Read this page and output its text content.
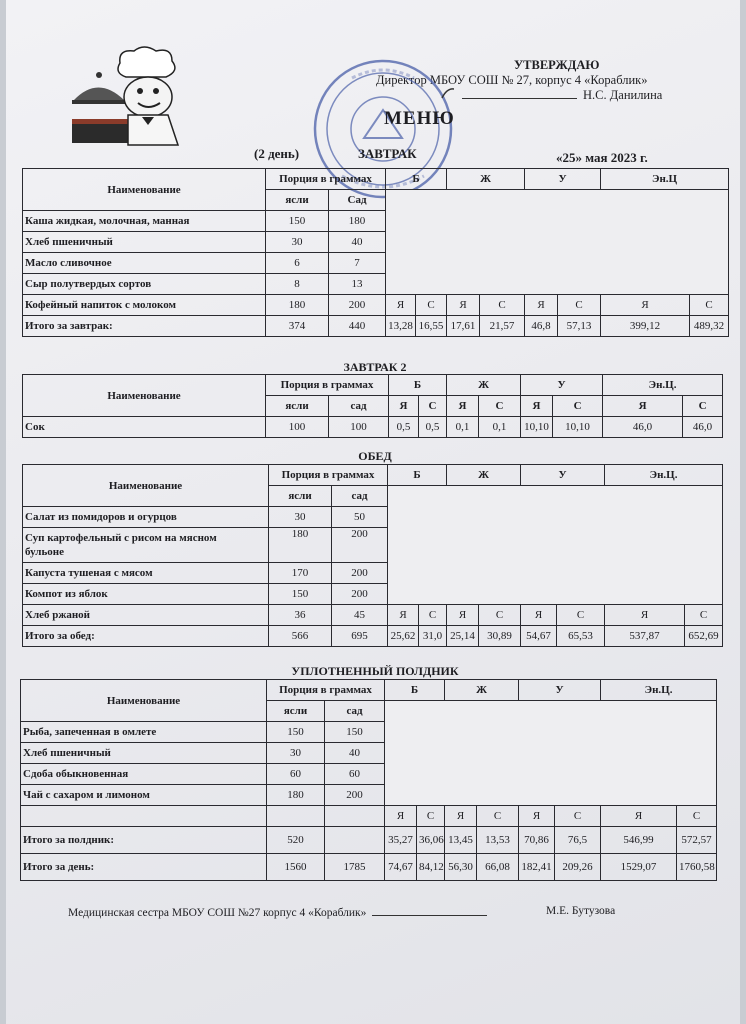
УТВЕРЖДАЮ
Директор МБОУ СОШ № 27, корпус 4 «Кораблик»
Н.С. Данилина
МЕНЮ
(2 день)	ЗАВТРАК	«25» мая 2023 г.
Наименование	Порция в граммах		Б		Ж		У		Эн.Ц	
	ясли	Сад								
Каша жидкая, молочная, манная	150	180								
Хлеб пшеничный	30	40								
Масло сливочное	6	7								
Сыр полутвердых сортов	8	13								
Кофейный напиток с молоком	180	200	Я	С	Я	С	Я	С	Я	С
Итого за завтрак:	374	440	13,28	16,55	17,61	21,57	46,8	57,13	399,12	489,32
ЗАВТРАК 2
Наименование	Порция в граммах		Б		Ж		У		Эн.Ц.	
	ясли	сад	Я	С	Я	С	Я	С	Я	С
Сок	100	100	0,5	0,5	0,1	0,1	10,10	10,10	46,0	46,0
ОБЕД
Наименование	Порция в граммах		Б		Ж		У		Эн.Ц.	
	ясли	сад								
Салат из помидоров и огурцов	30	50								
Суп картофельный с рисом на мясном
бульоне	180	200								
Капуста тушеная с мясом	170	200								
Компот из яблок	150	200								
Хлеб ржаной	36	45	Я	С	Я	С	Я	С	Я	С
Итого за обед:	566	695	25,62	31,0	25,14	30,89	54,67	65,53	537,87	652,69
УПЛОТНЕННЫЙ ПОЛДНИК
Наименование	Порция в граммах		Б		Ж		У		Эн.Ц.	
	ясли	сад								
Рыба, запеченная в омлете	150	150								
Хлеб пшеничный	30	40								
Сдоба обыкновенная	60	60								
Чай с сахаром и лимоном	180	200								
			Я	С	Я	С	Я	С	Я	С
Итого за полдник:	520		35,27	36,06	13,45	13,53	70,86	76,5	546,99	572,57
Итого за день:	1560	1785	74,67	84,12	56,30	66,08	182,41	209,26	1529,07	1760,58
Медицинская сестра МБОУ СОШ №27 корпус 4 «Кораблик»	М.Е. Бутузова
